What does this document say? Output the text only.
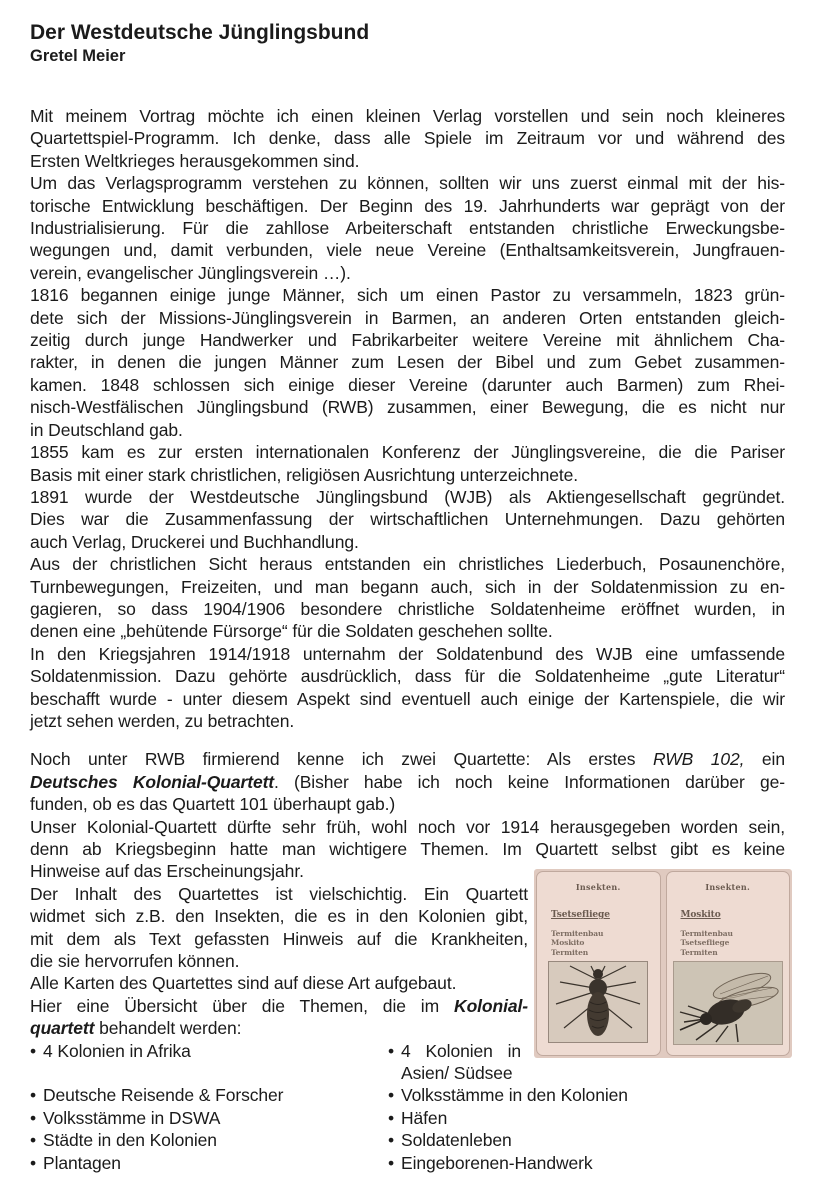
Der Westdeutsche Jünglingsbund
Gretel Meier
Mit meinem Vortrag möchte ich einen kleinen Verlag vorstellen und sein noch kleineres
Quartettspiel-Programm. Ich denke, dass alle Spiele im Zeitraum vor und während des
Ersten Weltkrieges herausgekommen sind.
Um das Verlagsprogramm verstehen zu können, sollten wir uns zuerst einmal mit der his-
torische Entwicklung beschäftigen. Der Beginn des 19. Jahrhunderts war geprägt von der
Industrialisierung. Für die zahllose Arbeiterschaft entstanden christliche Erweckungsbe-
wegungen und, damit verbunden, viele neue Vereine (Enthaltsamkeitsverein, Jungfrauen-
verein, evangelischer Jünglingsverein …).
1816 begannen einige junge Männer, sich um einen Pastor zu versammeln, 1823 grün-
dete sich der Missions-Jünglingsverein in Barmen, an anderen Orten entstanden gleich-
zeitig durch junge Handwerker und Fabrikarbeiter weitere Vereine mit ähnlichem Cha-
rakter, in denen die jungen Männer zum Lesen der Bibel und zum Gebet zusammen-
kamen. 1848 schlossen sich einige dieser Vereine (darunter auch Barmen) zum Rhei-
nisch-Westfälischen Jünglingsbund (RWB) zusammen, einer Bewegung, die es nicht nur
in Deutschland gab.
1855 kam es zur ersten internationalen Konferenz der Jünglingsvereine, die die Pariser
Basis mit einer stark christlichen, religiösen Ausrichtung unterzeichnete.
1891 wurde der Westdeutsche Jünglingsbund (WJB) als Aktiengesellschaft gegründet.
Dies war die Zusammenfassung der wirtschaftlichen Unternehmungen. Dazu gehörten
auch Verlag, Druckerei und Buchhandlung.
Aus der christlichen Sicht heraus entstanden ein christliches Liederbuch, Posaunenchöre,
Turnbewegungen, Freizeiten, und man begann auch, sich in der Soldatenmission zu en-
gagieren, so dass 1904/1906 besondere christliche Soldatenheime eröffnet wurden, in
denen eine „behütende Fürsorge“ für die Soldaten geschehen sollte.
In den Kriegsjahren 1914/1918 unternahm der Soldatenbund des WJB eine umfassende
Soldatenmission. Dazu gehörte ausdrücklich, dass für die Soldatenheime „gute Literatur“
beschafft wurde - unter diesem Aspekt sind eventuell auch einige der Kartenspiele, die wir
jetzt sehen werden, zu betrachten.
Noch unter RWB firmierend kenne ich zwei Quartette: Als erstes RWB 102, ein
Deutsches Kolonial-Quartett. (Bisher habe ich noch keine Informationen darüber ge-
funden, ob es das Quartett 101 überhaupt gab.)
Unser Kolonial-Quartett dürfte sehr früh, wohl noch vor 1914 herausgegeben worden sein,
denn ab Kriegsbeginn hatte man wichtigere Themen. Im Quartett selbst gibt es keine
Hinweise auf das Erscheinungsjahr.
Der Inhalt des Quartettes ist vielschichtig. Ein Quartett
widmet sich z.B. den Insekten, die es in den Kolonien gibt,
mit dem als Text gefassten Hinweis auf die Krankheiten,
die sie hervorrufen können.
Alle Karten des Quartettes sind auf diese Art aufgebaut.
Hier eine Übersicht über die Themen, die im Kolonial-
quartett behandelt werden:
• 4 Kolonien in Afrika	• 4 Kolonien in Asien/ Südsee
• Deutsche Reisende & Forscher	• Volksstämme in den Kolonien
• Volksstämme in DSWA	• Häfen
• Städte in den Kolonien	• Soldatenleben
• Plantagen	• Eingeborenen-Handwerk
Insekten.
Tsetsefliege
Termitenbau
Moskito
Termiten
Insekten.
Moskito
Termitenbau
Tsetsefliege
Termiten
